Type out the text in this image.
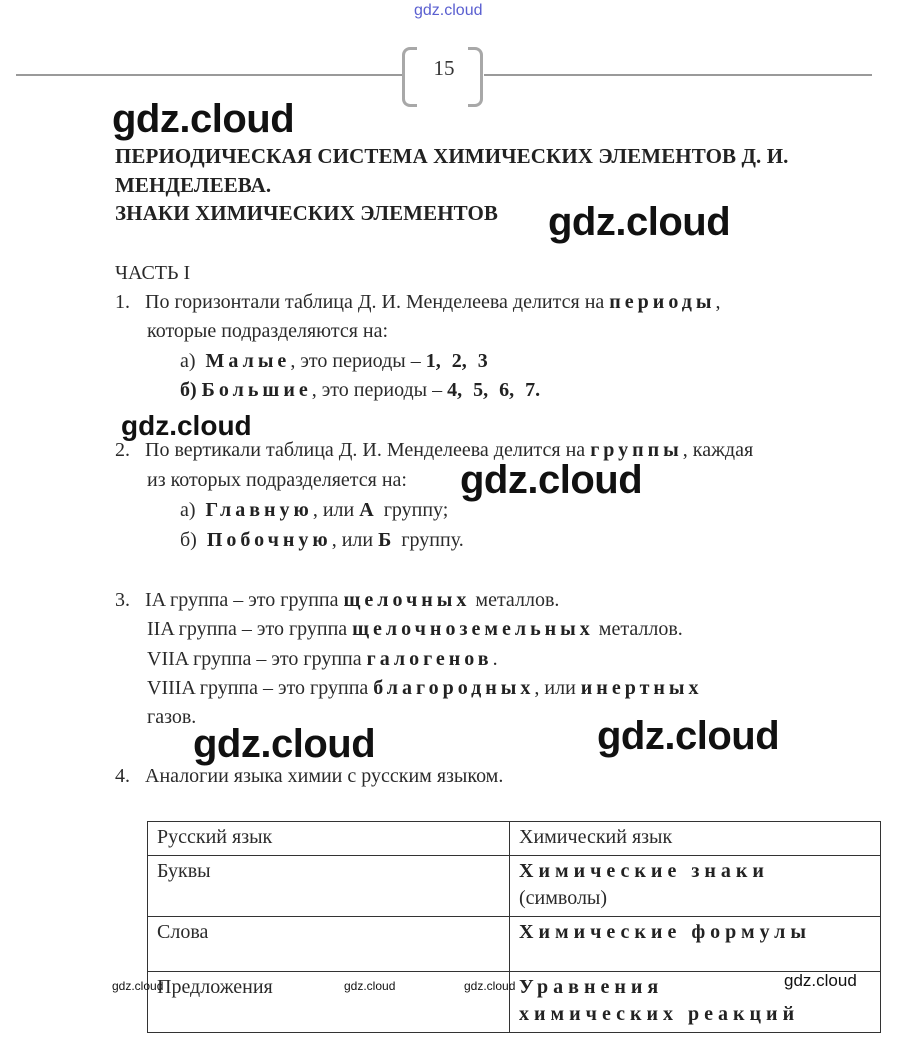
gdz.cloud
gdz.cloud
gdz.cloud
gdz.cloud
gdz.cloud
gdz.cloud	gdz.cloud
15
ПЕРИОДИЧЕСКАЯ СИСТЕМА ХИМИЧЕСКИХ ЭЛЕМЕНТОВ Д. И.
МЕНДЕЛЕЕВА.
ЗНАКИ ХИМИЧЕСКИХ ЭЛЕМЕНТОВ
ЧАСТЬ I
1. По горизонтали таблица Д. И. Менделеева делится на периоды,
которые подразделяются на:
а) Малые, это периоды – 1, 2, 3
б) Большие, это периоды – 4, 5, 6, 7.
2. По вертикали таблица Д. И. Менделеева делится на группы, каждая
из которых подразделяется на:
а) Главную, или А группу;
б) Побочную, или Б группу.
3. IA группа – это группа щелочных металлов.
IIA группа – это группа щелочноземельных металлов.
VIIA группа – это группа галогенов.
VIIIA группа – это группа благородных, или инертных
газов.
4. Аналогии языка химии с русским языком.
Русский язык	Химический язык
Буквы	Химические знаки
(символы)

Слова	Химические формулы

Предложения	Уравнения
химических реакций
gdz.cloud	gdz.cloud	gdz.cloud	gdz.cloud
